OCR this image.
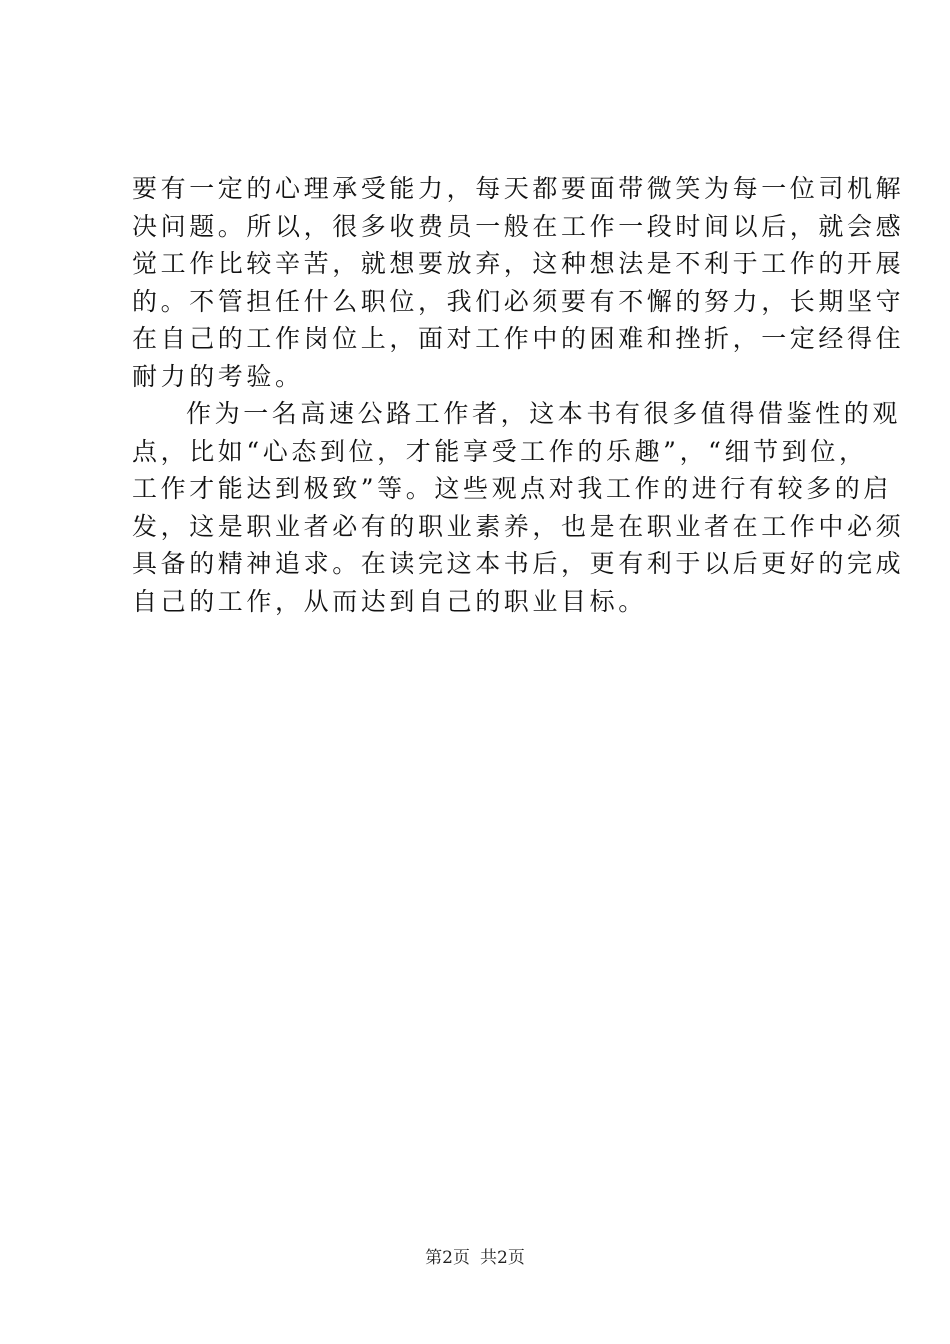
要有一定的心理承受能力，每天都要面带微笑为每一位司机解
决问题。所以，很多收费员一般在工作一段时间以后，就会感
觉工作比较辛苦，就想要放弃，这种想法是不利于工作的开展
的。不管担任什么职位，我们必须要有不懈的努力，长期坚守
在自己的工作岗位上，面对工作中的困难和挫折，一定经得住
耐力的考验。
作为一名高速公路工作者，这本书有很多值得借鉴性的观
点，比如“心态到位，才能享受工作的乐趣”，“细节到位，
工作才能达到极致”等。这些观点对我工作的进行有较多的启
发，这是职业者必有的职业素养，也是在职业者在工作中必须
具备的精神追求。在读完这本书后，更有利于以后更好的完成
自己的工作，从而达到自己的职业目标。
第2页 共2页
